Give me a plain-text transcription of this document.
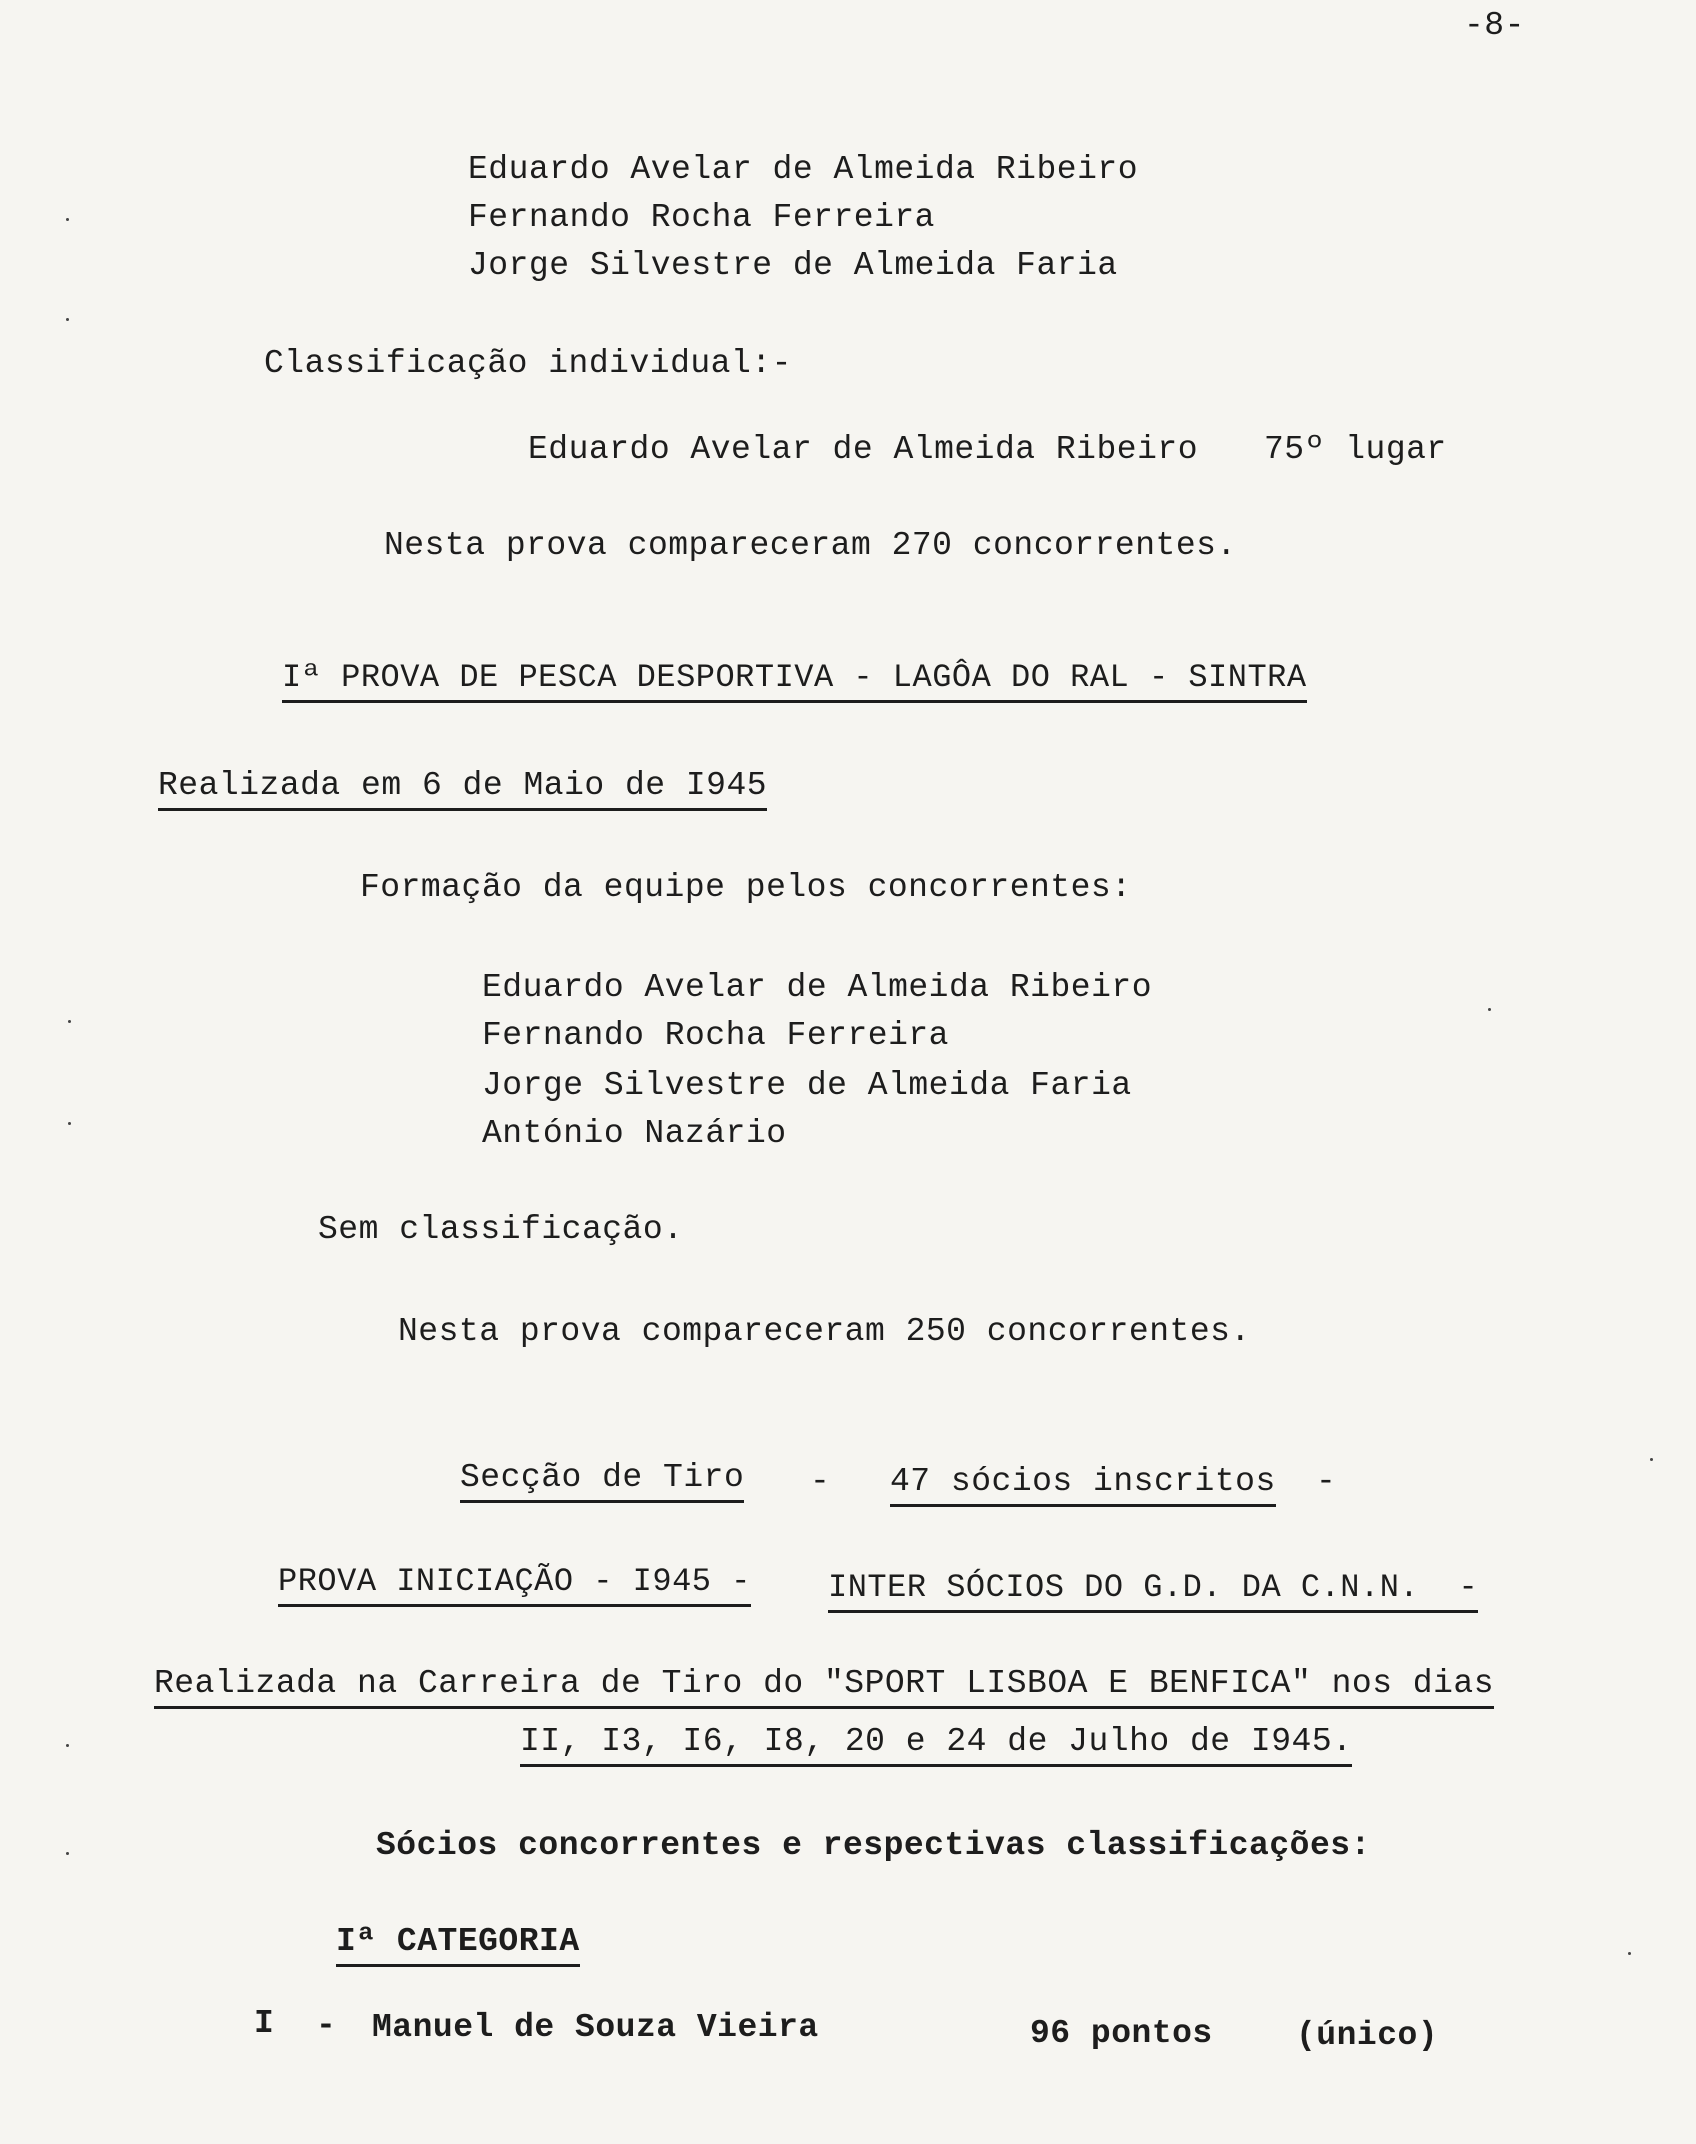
-8-
Eduardo Avelar de Almeida Ribeiro
Fernando Rocha Ferreira
Jorge Silvestre de Almeida Faria
Classificação individual:-
Eduardo Avelar de Almeida Ribeiro 75º lugar
Nesta prova compareceram 270 concorrentes.
Iª PROVA DE PESCA DESPORTIVA - LAGÔA DO RAL - SINTRA
Realizada em 6 de Maio de I945
Formação da equipe pelos concorrentes:
Eduardo Avelar de Almeida Ribeiro
Fernando Rocha Ferreira
Jorge Silvestre de Almeida Faria
António Nazário
Sem classificação.
Nesta prova compareceram 250 concorrentes.
Secção de Tiro - 47 sócios inscritos -
PROVA INICIAÇÃO - I945 - INTER SÓCIOS DO G.D. DA C.N.N.  -
Realizada na Carreira de Tiro do "SPORT LISBOA E BENFICA" nos dias
II, I3, I6, I8, 20 e 24 de Julho de I945.
Sócios concorrentes e respectivas classificações:
Iª CATEGORIA
I - Manuel de Souza Vieira	96 pontos	(único)
